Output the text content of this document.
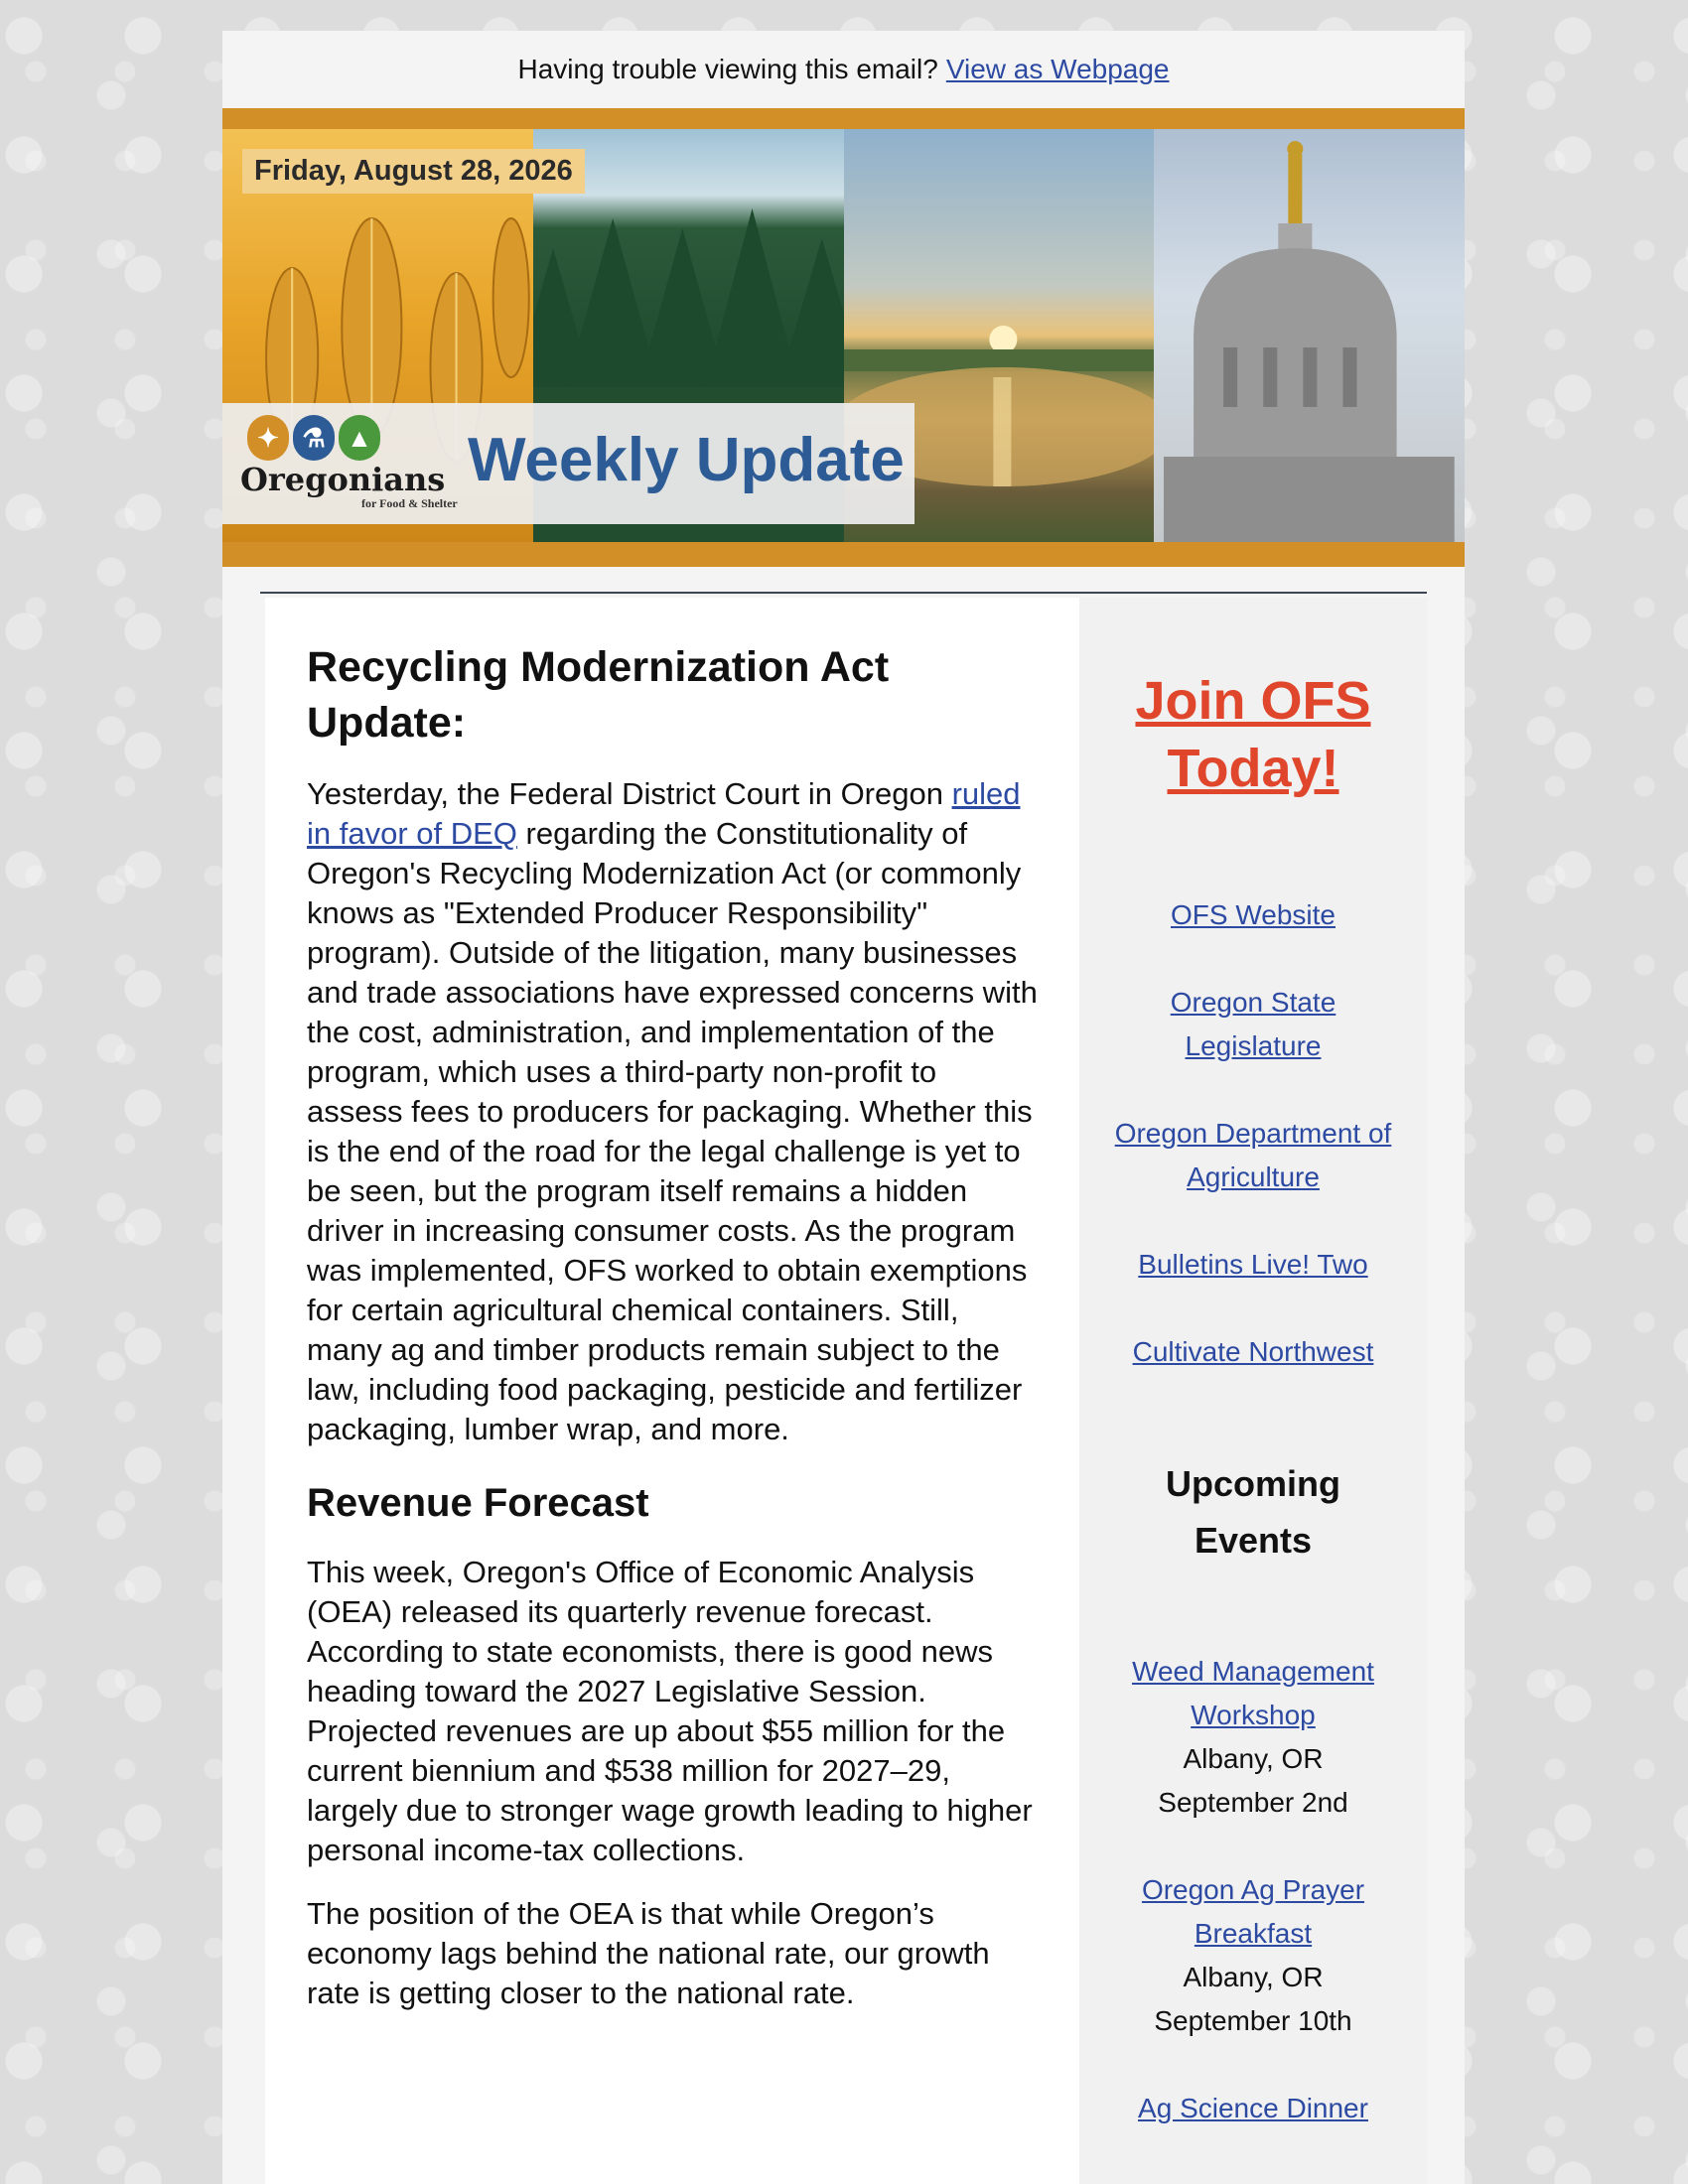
Having trouble viewing this email? View as Webpage
Friday, August 28, 2026
✦ ⚗ ▲
Oregonians
for Food & Shelter
Weekly Update
Recycling Modernization Act Update:

Yesterday, the Federal District Court in Oregon ruled in favor of DEQ regarding the Constitutionality of Oregon's Recycling Modernization Act (or commonly knows as "Extended Producer Responsibility" program). Outside of the litigation, many businesses and trade associations have expressed concerns with the cost, administration, and implementation of the program, which uses a third-party non-profit to assess fees to producers for packaging. Whether this is the end of the road for the legal challenge is yet to be seen, but the program itself remains a hidden driver in increasing consumer costs. As the program was implemented, OFS worked to obtain exemptions for certain agricultural chemical containers. Still, many ag and timber products remain subject to the law, including food packaging, pesticide and fertilizer packaging, lumber wrap, and more.

Revenue Forecast

This week, Oregon's Office of Economic Analysis (OEA) released its quarterly revenue forecast. According to state economists, there is good news heading toward the 2027 Legislative Session. Projected revenues are up about $55 million for the current biennium and $538 million for 2027–29, largely due to stronger wage growth leading to higher personal income-tax collections.

The position of the OEA is that while Oregon’s economy lags behind the national rate, our growth rate is getting closer to the national rate.

Join OFS Today!
OFS Website
Oregon State Legislature
Oregon Department of Agriculture
Bulletins Live! Two
Cultivate Northwest
Upcoming Events
Weed Management Workshop
Albany, OR
September 2nd
Oregon Ag Prayer Breakfast
Albany, OR
September 10th
Ag Science Dinner
